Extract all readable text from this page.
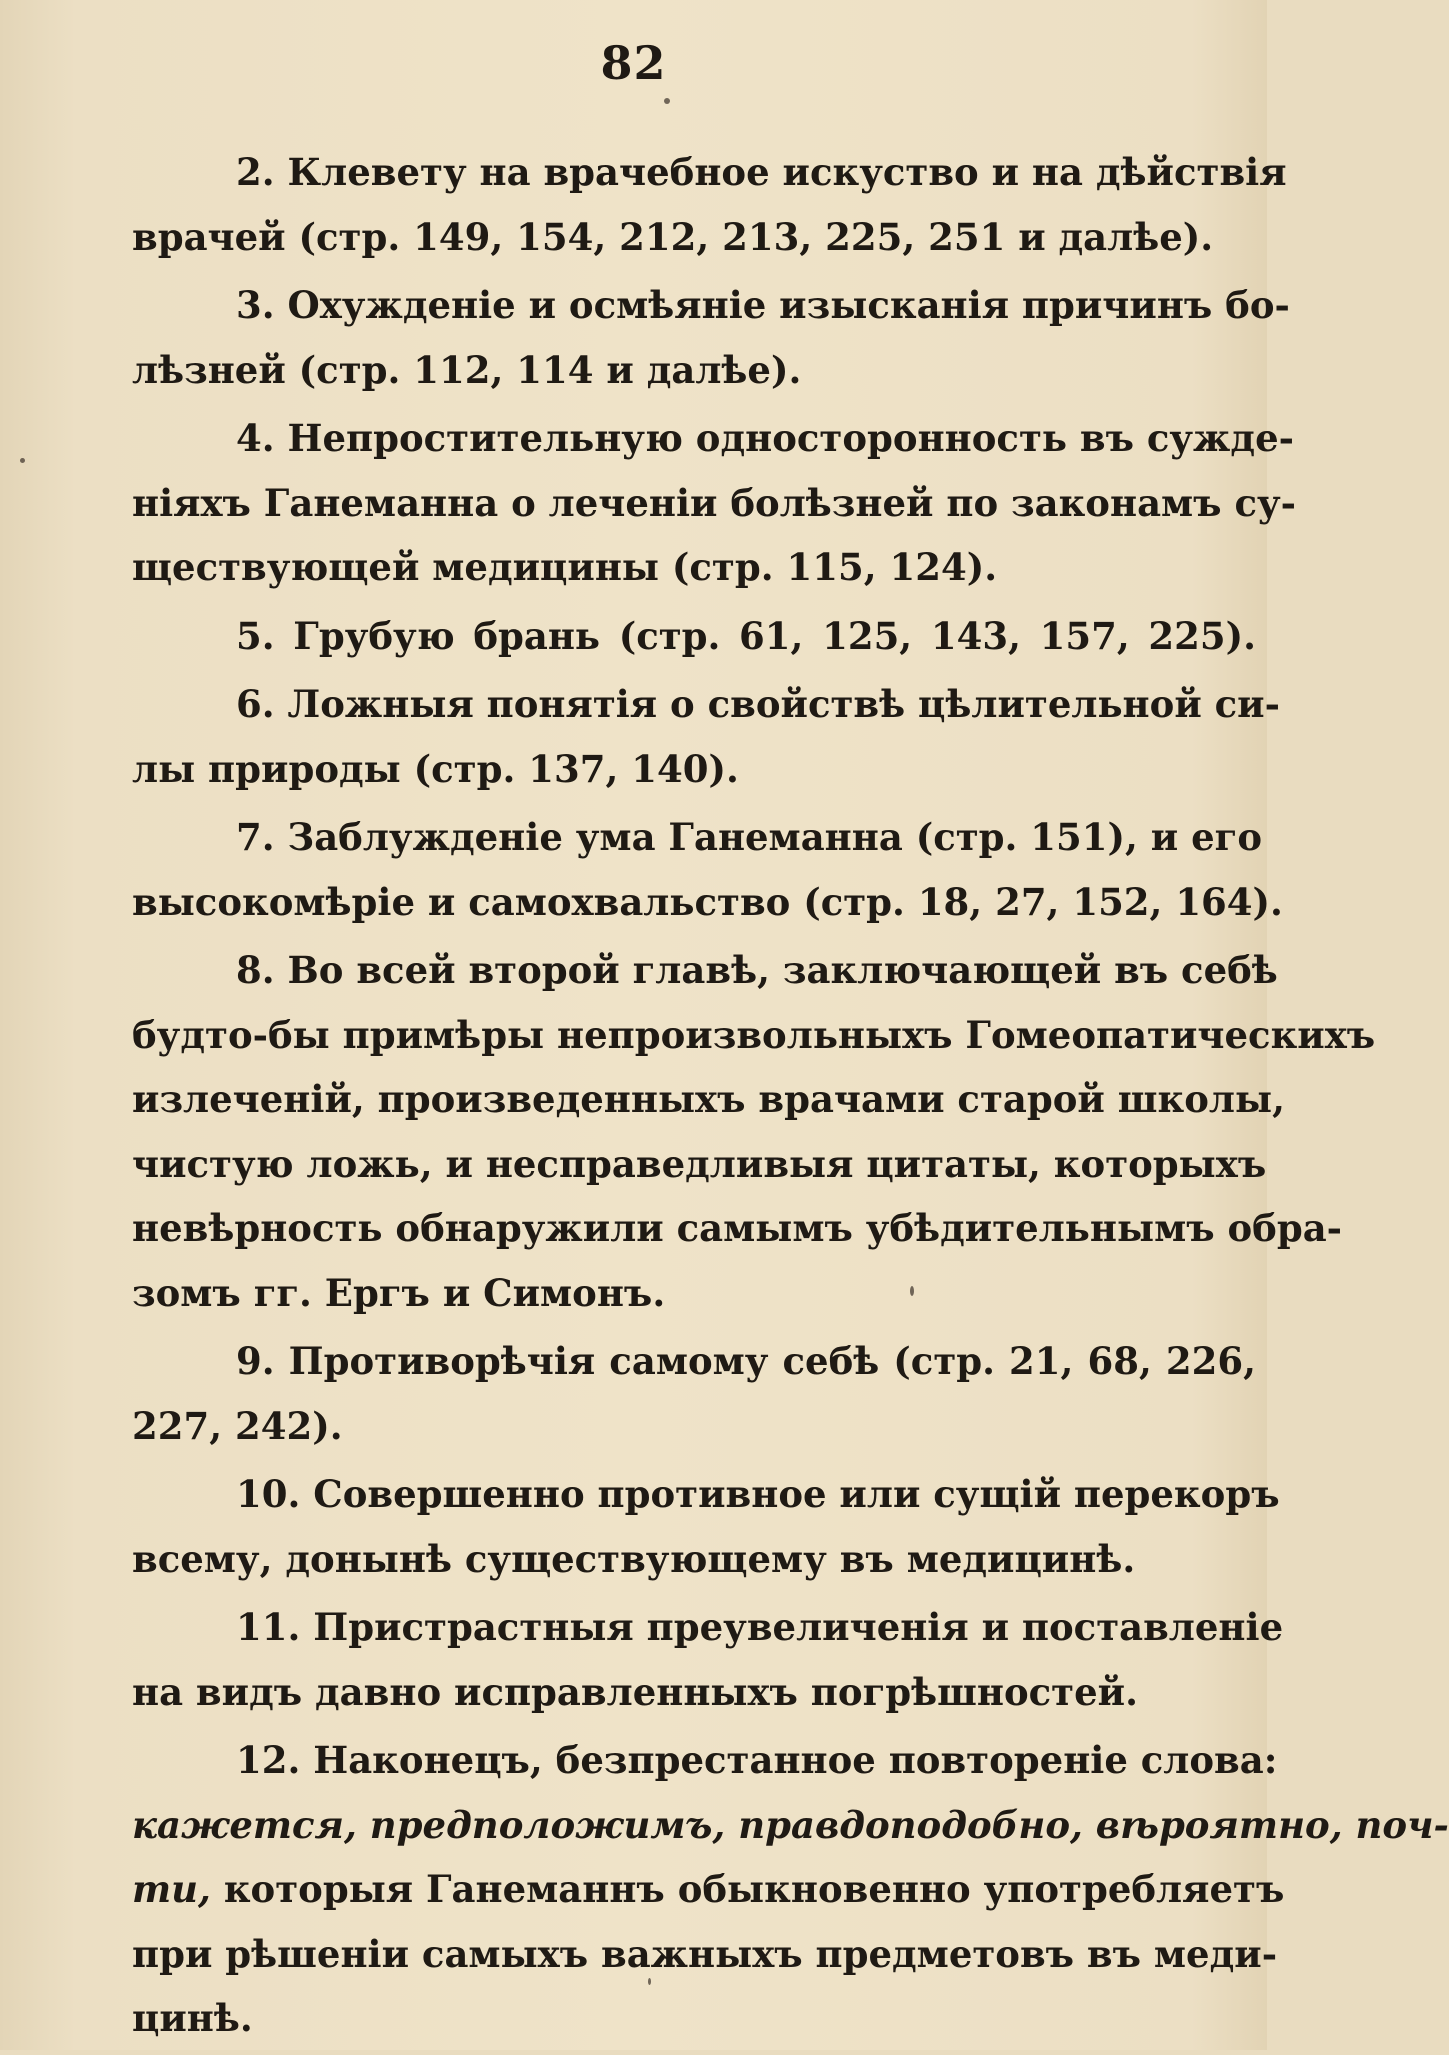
82
2. Клевету на врачебное искуство и на дѣйствія
врачей (стр. 149, 154, 212, 213, 225, 251 и далѣе).
3. Охужденіе и осмѣяніе изысканія причинъ бо-
лѣзней (стр. 112, 114 и далѣе).
4. Непростительную односторонность въ сужде-
ніяхъ Ганеманна о леченіи болѣзней по законамъ су-
ществующей медицины (стр. 115, 124).
5. Грубую брань (стр. 61, 125, 143, 157, 225).
6. Ложныя понятія о свойствѣ цѣлительной си-
лы природы (стр. 137, 140).
7. Заблужденіе ума Ганеманна (стр. 151), и его
высокомѣріе и самохвальство (стр. 18, 27, 152, 164).
8. Во всей второй главѣ, заключающей въ себѣ
будто-бы примѣры непроизвольныхъ Гомеопатическихъ
излеченій, произведенныхъ врачами старой школы,
чистую ложь, и несправедливыя цитаты, которыхъ
невѣрность обнаружили самымъ убѣдительнымъ обра-
зомъ гг. Ергъ и Симонъ.
9. Противорѣчія самому себѣ (стр. 21, 68, 226,
227, 242).
10. Совершенно противное или сущій перекоръ
всему, донынѣ существующему въ медицинѣ.
11. Пристрастныя преувеличенія и поставленіе
на видъ давно исправленныхъ погрѣшностей.
12. Наконецъ, безпрестанное повтореніе слова:
кажется, предположимъ, правдоподобно, вѣроятно, поч-
ти, которыя Ганеманнъ обыкновенно употребляетъ
при рѣшеніи самыхъ важныхъ предметовъ въ меди-
цинѣ.
